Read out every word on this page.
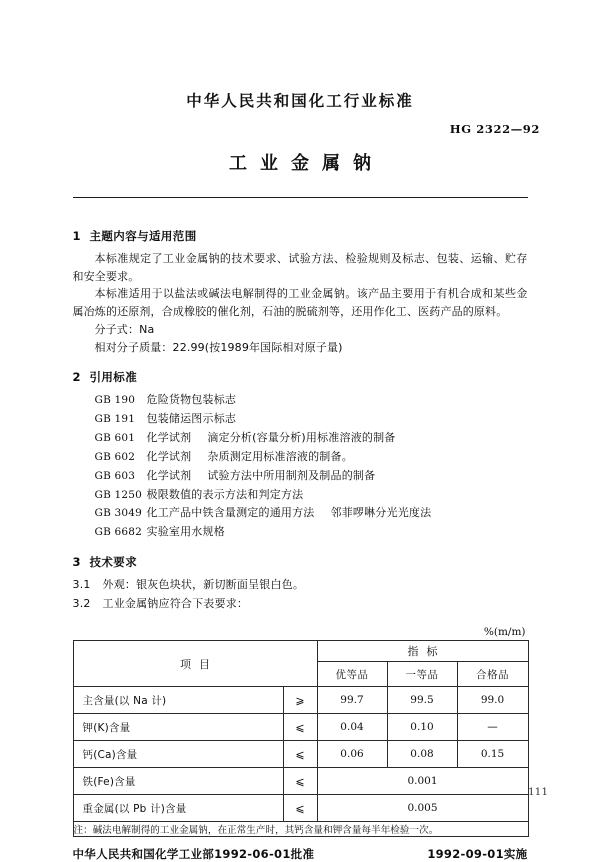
中华人民共和国化工行业标准
HG 2322—92
工业金属钠
1 主题内容与适用范围
本标准规定了工业金属钠的技术要求、试验方法、检验规则及标志、包装、运输、贮存和安全要求。
本标准适用于以盐法或碱法电解制得的工业金属钠。该产品主要用于有机合成和某些金属冶炼的还原剂，合成橡胶的催化剂，石油的脱硫剂等，还用作化工、医药产品的原料。
分子式：Na
相对分子质量：22.99(按1989年国际相对原子量)
2 引用标准
GB 190 危险货物包装标志
GB 191 包装储运图示标志
GB 601 化学试剂 滴定分析(容量分析)用标准溶液的制备
GB 602 化学试剂 杂质测定用标准溶液的制备。
GB 603 化学试剂 试验方法中所用制剂及制品的制备
GB 1250 极限数值的表示方法和判定方法
GB 3049 化工产品中铁含量测定的通用方法 邻菲啰啉分光光度法
GB 6682 实验室用水规格
3 技术要求
3.1 外观：银灰色块状，新切断面呈银白色。
3.2 工业金属钠应符合下表要求：
%(m/m)
项目		指标		
		优等品	一等品	合格品
主含量(以 Na 计)	⩾	99.7	99.5	99.0
钾(K)含量	⩽	0.04	0.10	—
钙(Ca)含量	⩽	0.06	0.08	0.15
铁(Fe)含量	⩽	0.001		
重金属(以 Pb 计)含量	⩽	0.005		
注：碱法电解制得的工业金属钠，在正常生产时，其钙含量和钾含量每半年检验一次。				
中华人民共和国化学工业部1992-06-01批准	1992-09-01实施
111
